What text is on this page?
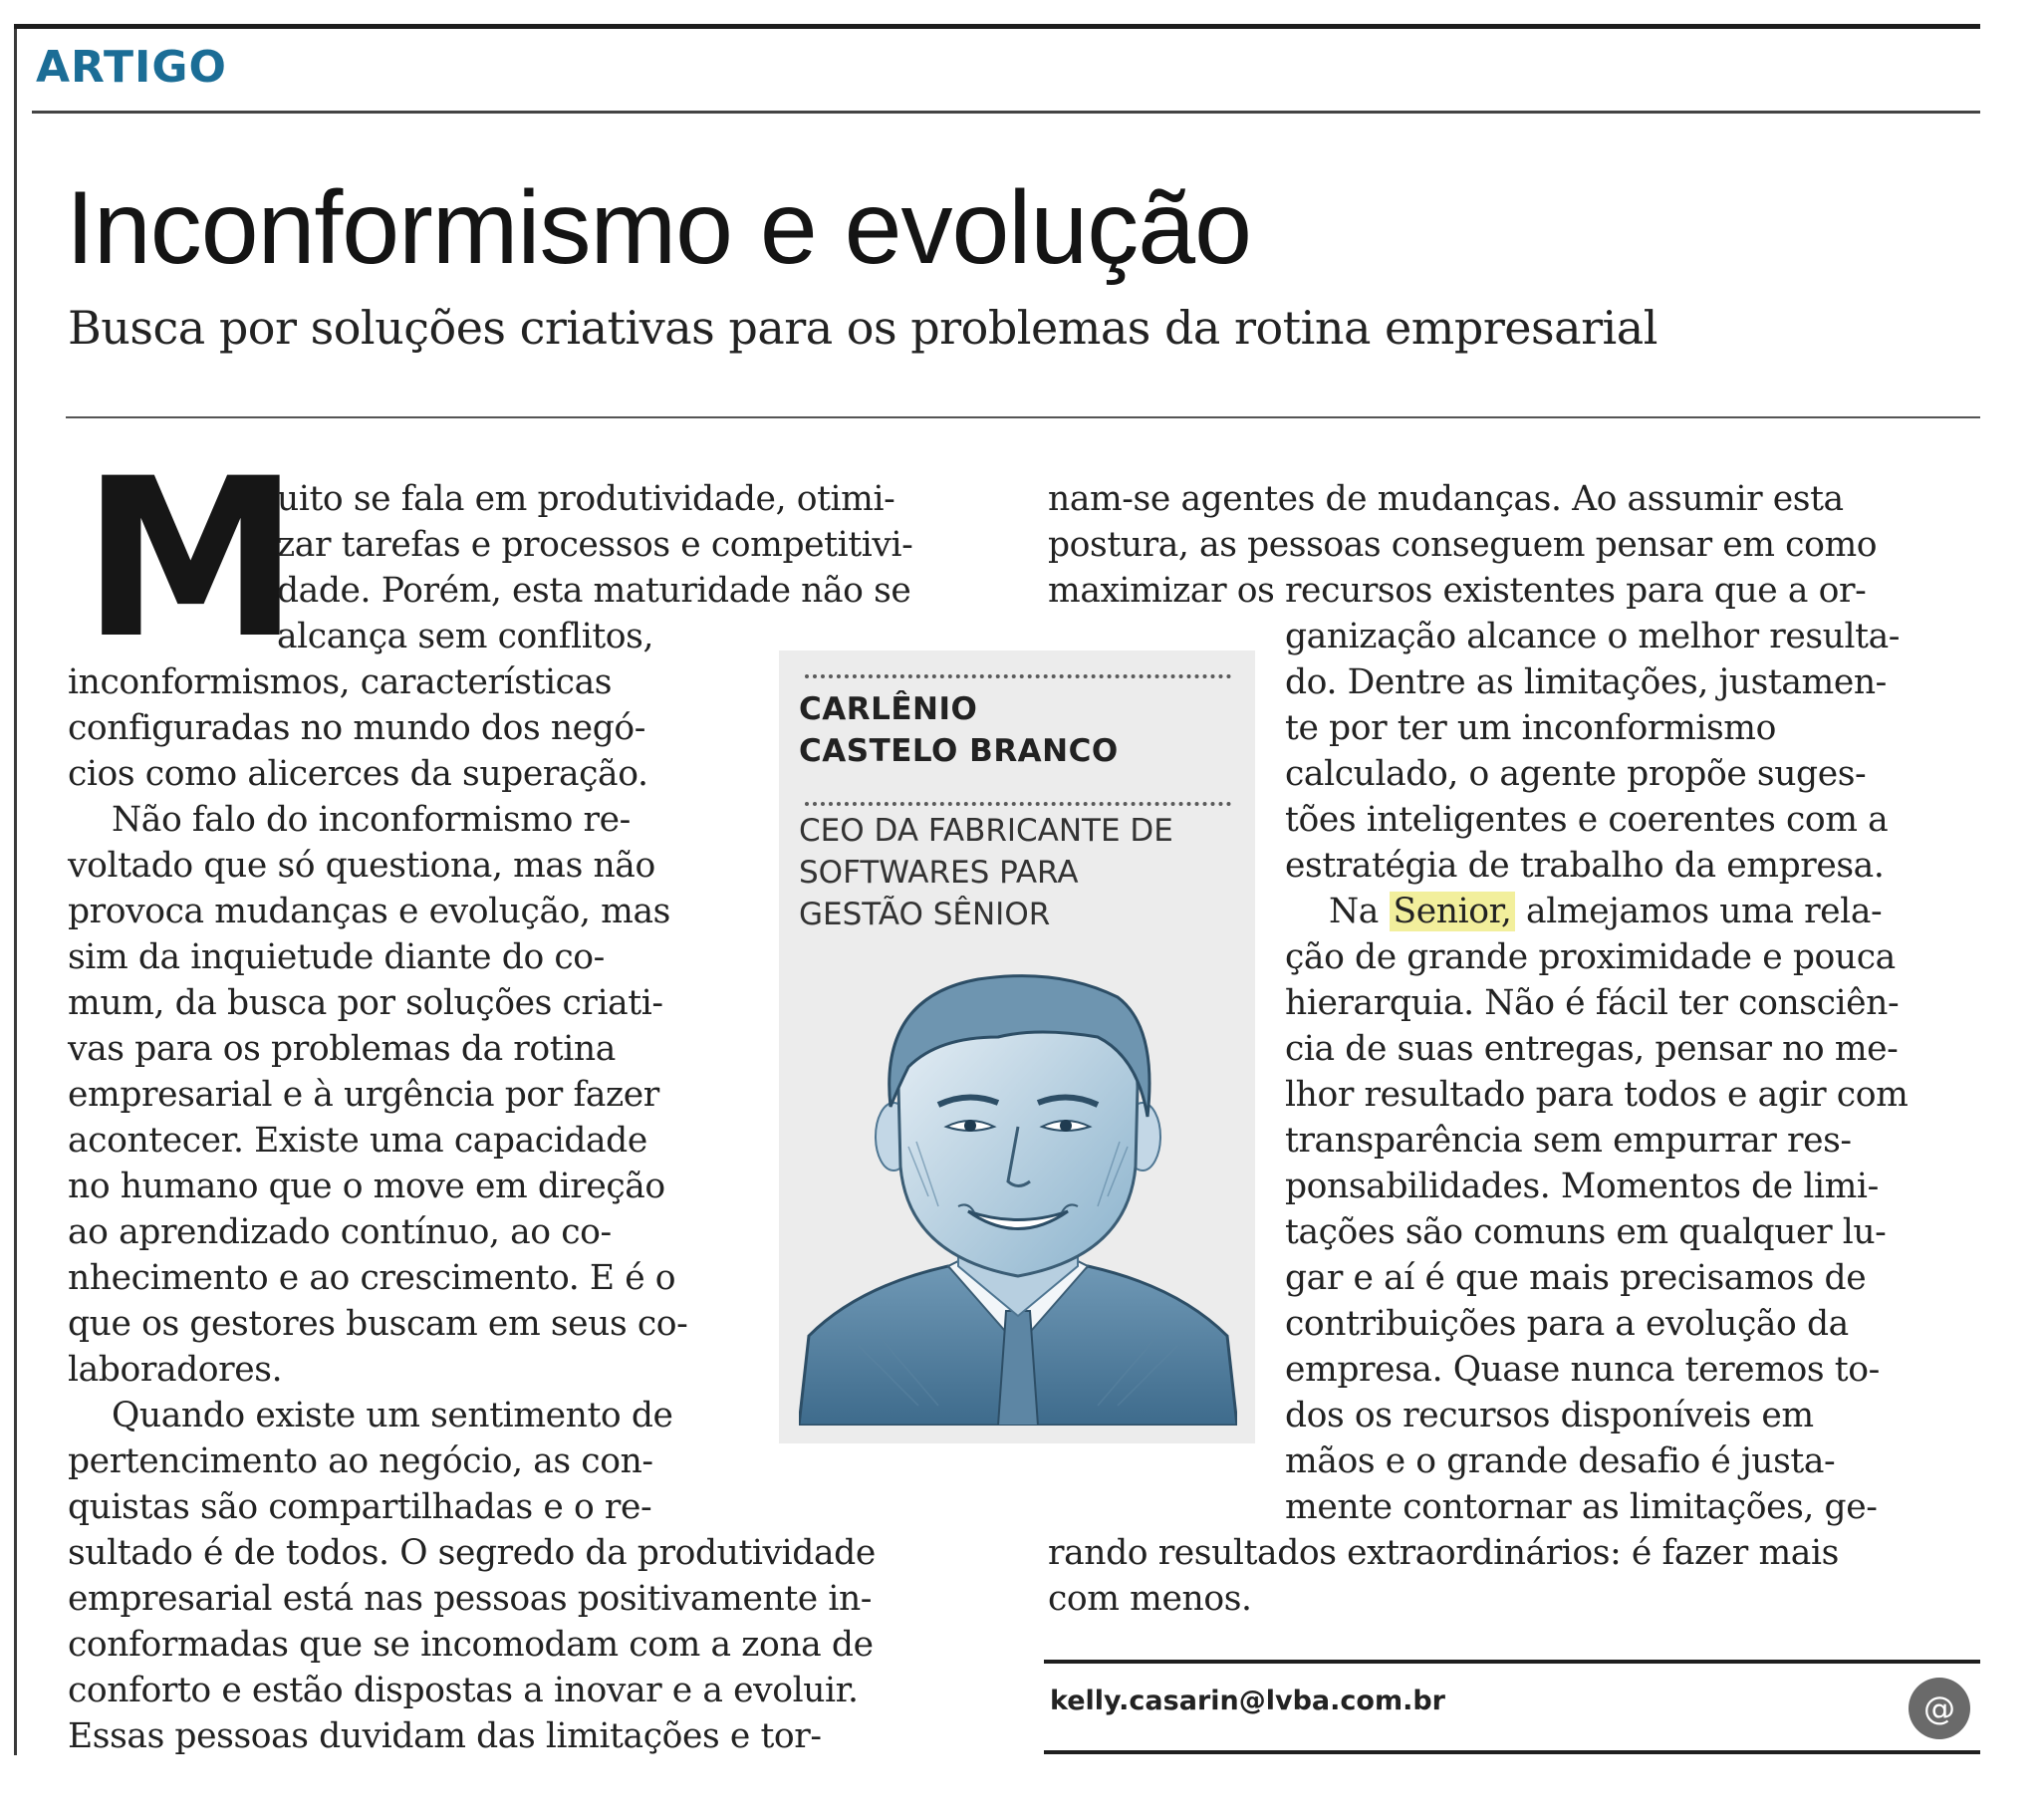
ARTIGO
Inconformismo e evolução
Busca por soluções criativas para os problemas da rotina empresarial
M
uito se fala em produtividade, otimi-
zar tarefas e processos e competitivi-
dade. Porém, esta maturidade não se
alcança sem conflitos,
inconformismos, características
configuradas no mundo dos negó-
cios como alicerces da superação.
Não falo do inconformismo re-
voltado que só questiona, mas não
provoca mudanças e evolução, mas
sim da inquietude diante do co-
mum, da busca por soluções criati-
vas para os problemas da rotina
empresarial e à urgência por fazer
acontecer. Existe uma capacidade
no humano que o move em direção
ao aprendizado contínuo, ao co-
nhecimento e ao crescimento. E é o
que os gestores buscam em seus co-
laboradores.
Quando existe um sentimento de
pertencimento ao negócio, as con-
quistas são compartilhadas e o re-
sultado é de todos. O segredo da produtividade
empresarial está nas pessoas positivamente in-
conformadas que se incomodam com a zona de
conforto e estão dispostas a inovar e a evoluir.
Essas pessoas duvidam das limitações e tor-
nam-se agentes de mudanças. Ao assumir esta
postura, as pessoas conseguem pensar em como
maximizar os recursos existentes para que a or-
ganização alcance o melhor resulta-
do. Dentre as limitações, justamen-
te por ter um inconformismo
calculado, o agente propõe suges-
tões inteligentes e coerentes com a
estratégia de trabalho da empresa.
Na Senior, almejamos uma rela-
ção de grande proximidade e pouca
hierarquia. Não é fácil ter consciên-
cia de suas entregas, pensar no me-
lhor resultado para todos e agir com
transparência sem empurrar res-
ponsabilidades. Momentos de limi-
tações são comuns em qualquer lu-
gar e aí é que mais precisamos de
contribuições para a evolução da
empresa. Quase nunca teremos to-
dos os recursos disponíveis em
mãos e o grande desafio é justa-
mente contornar as limitações, ge-
rando resultados extraordinários: é fazer mais
com menos.
CARLÊNIO
CASTELO BRANCO
CEO DA FABRICANTE DE
SOFTWARES PARA
GESTÃO SÊNIOR
kelly.casarin@lvba.com.br	@
